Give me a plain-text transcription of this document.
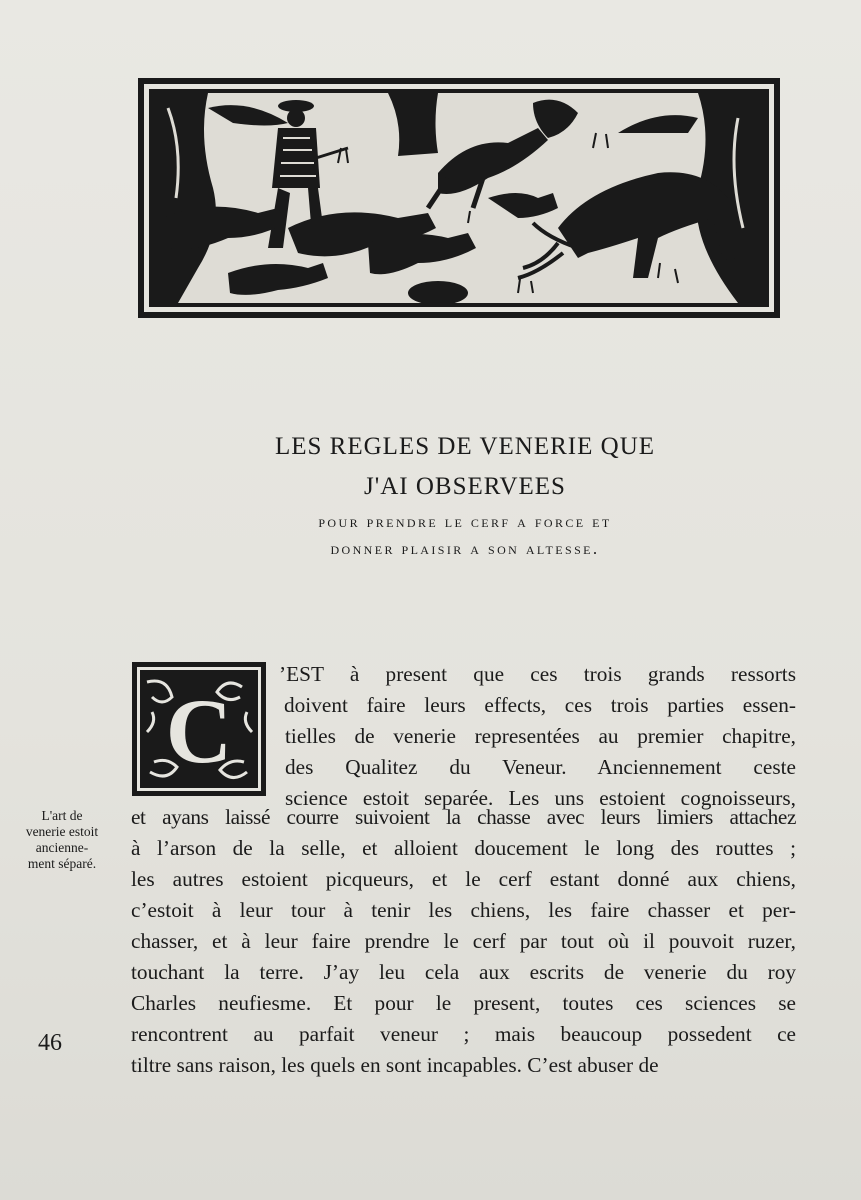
LES REGLES DE VENERIE QUE
J'AI OBSERVEES
pour prendre le cerf a force et
donner plaisir a son altesse.
C
’EST à present que ces trois grands ressorts
doivent faire leurs effects, ces trois parties essen-
tielles de venerie representées au premier chapitre,
des Qualitez du Veneur. Anciennement ceste
science estoit separée. Les uns estoient cognoisseurs,
et ayans laissé courre suivoient la chasse avec leurs limiers attachez
à l’arson de la selle, et alloient doucement le long des routtes ;
les autres estoient picqueurs, et le cerf estant donné aux chiens,
c’estoit à leur tour à tenir les chiens, les faire chasser et per-
chasser, et à leur faire prendre le cerf par tout où il pouvoit ruzer,
touchant la terre. J’ay leu cela aux escrits de venerie du roy
Charles neufiesme. Et pour le present, toutes ces sciences se
rencontrent au parfait veneur ; mais beaucoup possedent ce
tiltre sans raison, les quels en sont incapables. C’est abuser de
L'art de
venerie estoit
ancienne-
ment séparé.
46
